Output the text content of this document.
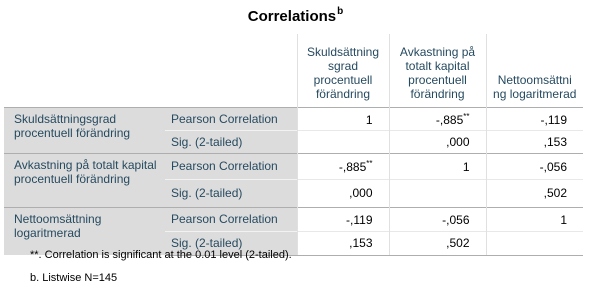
Correlations$^b$
		Skuldsättning sgrad procentuell förändring	Avkastning på totalt kapital procentuell förändring	Nettoomsättni ng logaritmerad
Skuldsättningsgrad procentuell förändring	Pearson Correlation	1	-,885**	-,119
	Sig. (2-tailed)		,000	,153
Avkastning på totalt kapital procentuell förändring	Pearson Correlation	-,885**	1	-,056
	Sig. (2-tailed)	,000		,502
Nettoomsättning logaritmerad	Pearson Correlation	-,119	-,056	1
	Sig. (2-tailed)	,153	,502	
**. Correlation is significant at the 0.01 level (2-tailed).
b. Listwise N=145
